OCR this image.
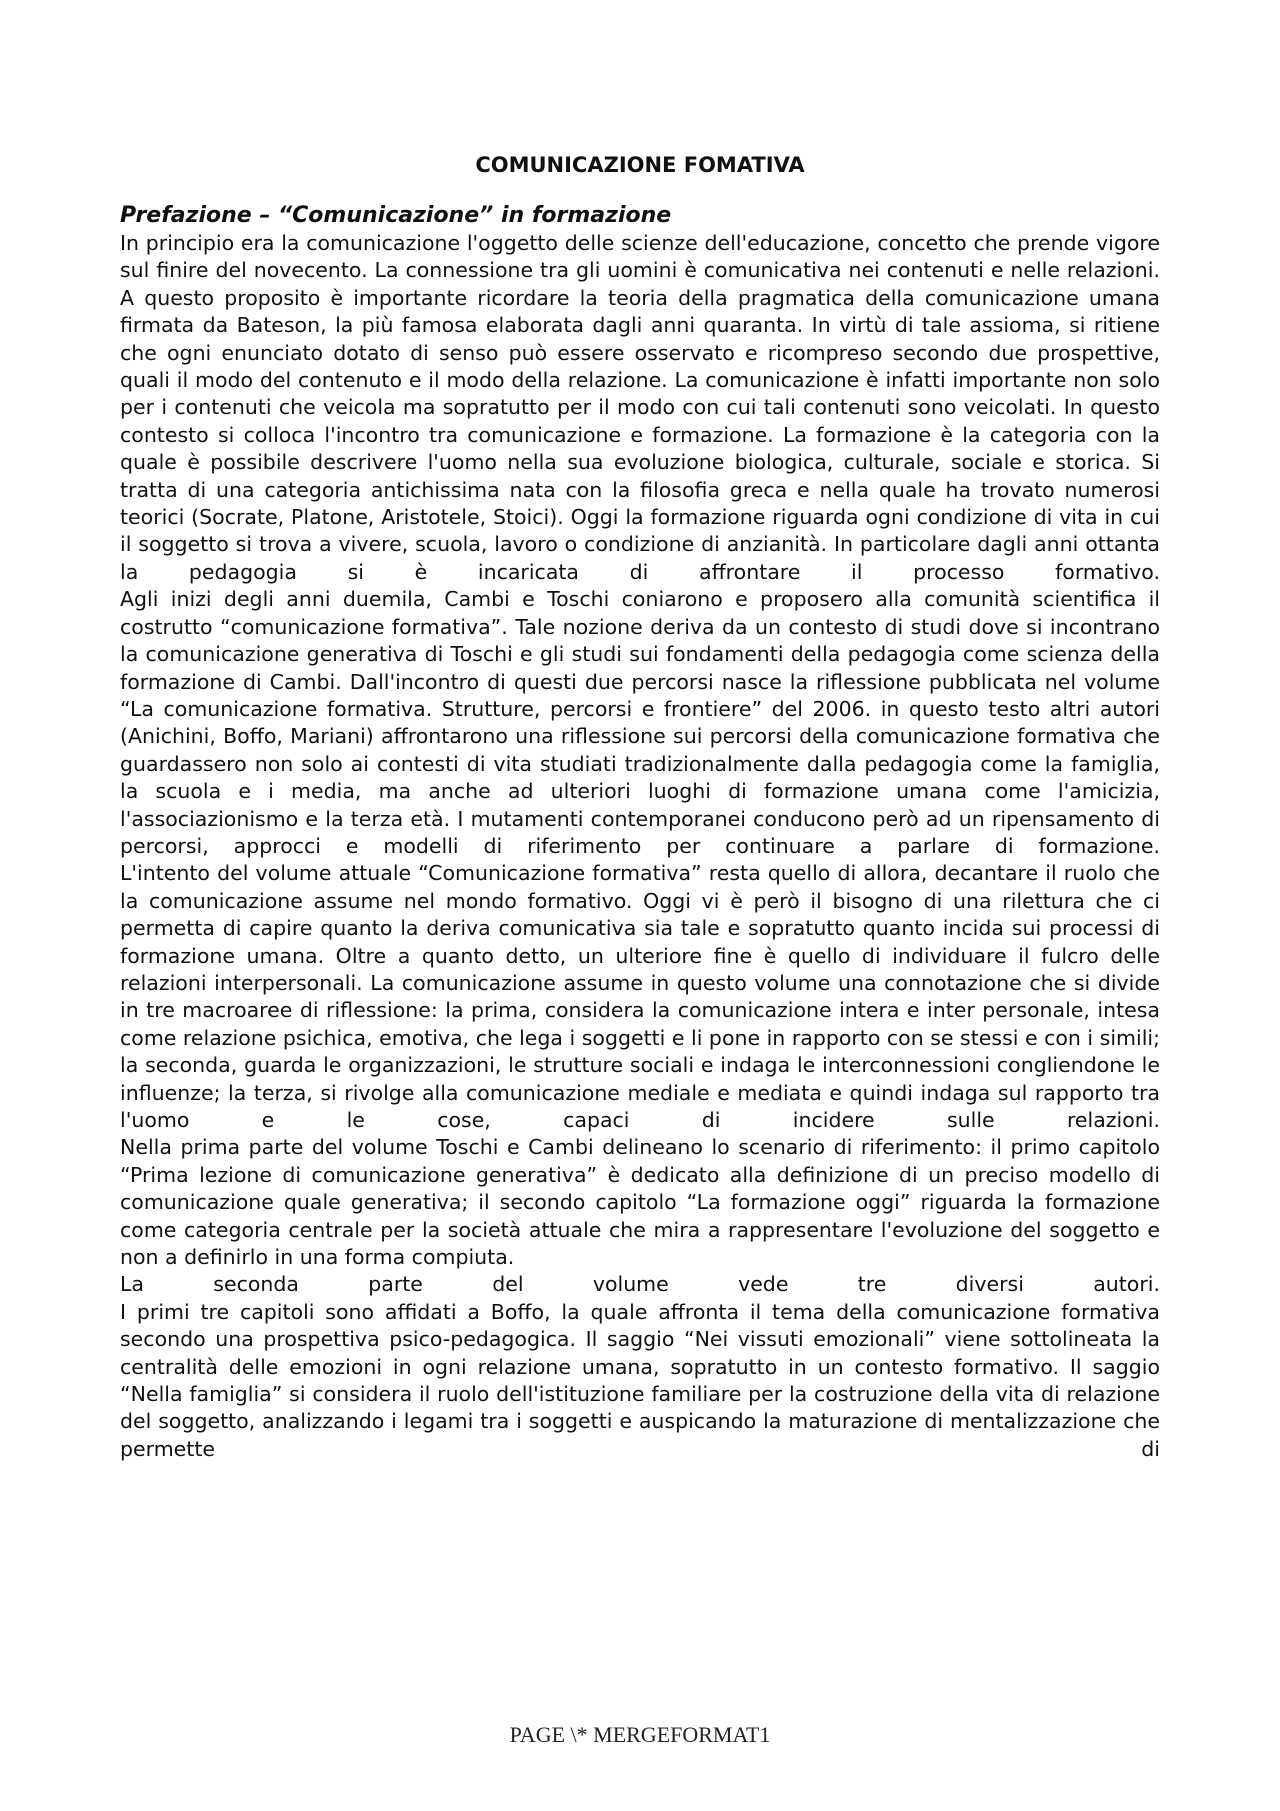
COMUNICAZIONE FOMATIVA

Prefazione – “Comunicazione” in formazione

In principio era la comunicazione l'oggetto delle scienze dell'educazione, concetto che prende vigore sul finire del novecento. La connessione tra gli uomini è comunicativa nei contenuti e nelle relazioni. A questo proposito è importante ricordare la teoria della pragmatica della comunicazione umana firmata da Bateson, la più famosa elaborata dagli anni quaranta. In virtù di tale assioma, si ritiene che ogni enunciato dotato di senso può essere osservato e ricompreso secondo due prospettive, quali il modo del contenuto e il modo della relazione. La comunicazione è infatti importante non solo per i contenuti che veicola ma sopratutto per il modo con cui tali contenuti sono veicolati. In questo contesto si colloca l'incontro tra comunicazione e formazione. La formazione è la categoria con la quale è possibile descrivere l'uomo nella sua evoluzione biologica, culturale, sociale e storica. Si tratta di una categoria antichissima nata con la filosofia greca e nella quale ha trovato numerosi teorici (Socrate, Platone, Aristotele, Stoici). Oggi la formazione riguarda ogni condizione di vita in cui il soggetto si trova a vivere, scuola, lavoro o condizione di anzianità. In particolare dagli anni ottanta la pedagogia si è incaricata di affrontare il processo formativo.

Agli inizi degli anni duemila, Cambi e Toschi coniarono e proposero alla comunità scientifica il costrutto “comunicazione formativa”. Tale nozione deriva da un contesto di studi dove si incontrano la comunicazione generativa di Toschi e gli studi sui fondamenti della pedagogia come scienza della formazione di Cambi. Dall'incontro di questi due percorsi nasce la riflessione pubblicata nel volume “La comunicazione formativa. Strutture, percorsi e frontiere” del 2006. in questo testo altri autori (Anichini, Boffo, Mariani) affrontarono una riflessione sui percorsi della comunicazione formativa che guardassero non solo ai contesti di vita studiati tradizionalmente dalla pedagogia come la famiglia, la scuola e i media, ma anche ad ulteriori luoghi di formazione umana come l'amicizia, l'associazionismo e la terza età. I mutamenti contemporanei conducono però ad un ripensamento di percorsi, approcci e modelli di riferimento per continuare a parlare di formazione.

L'intento del volume attuale “Comunicazione formativa” resta quello di allora, decantare il ruolo che la comunicazione assume nel mondo formativo. Oggi vi è però il bisogno di una rilettura che ci permetta di capire quanto la deriva comunicativa sia tale e sopratutto quanto incida sui processi di formazione umana. Oltre a quanto detto, un ulteriore fine è quello di individuare il fulcro delle relazioni interpersonali. La comunicazione assume in questo volume una connotazione che si divide in tre macroaree di riflessione: la prima, considera la comunicazione intera e inter personale, intesa come relazione psichica, emotiva, che lega i soggetti e li pone in rapporto con se stessi e con i simili; la seconda, guarda le organizzazioni, le strutture sociali e indaga le interconnessioni congliendone le influenze; la terza, si rivolge alla comunicazione mediale e mediata e quindi indaga sul rapporto tra l'uomo e le cose, capaci di incidere sulle relazioni.

Nella prima parte del volume Toschi e Cambi delineano lo scenario di riferimento: il primo capitolo “Prima lezione di comunicazione generativa” è dedicato alla definizione di un preciso modello di comunicazione quale generativa; il secondo capitolo “La formazione oggi” riguarda la formazione come categoria centrale per la società attuale che mira a rappresentare l'evoluzione del soggetto e non a definirlo in una forma compiuta.

La seconda parte del volume vede tre diversi autori.

I primi tre capitoli sono affidati a Boffo, la quale affronta il tema della comunicazione formativa secondo una prospettiva psico-pedagogica. Il saggio “Nei vissuti emozionali” viene sottolineata la centralità delle emozioni in ogni relazione umana, sopratutto in un contesto formativo. Il saggio “Nella famiglia” si considera il ruolo dell'istituzione familiare per la costruzione della vita di relazione del soggetto, analizzando i legami tra i soggetti e auspicando la maturazione di mentalizzazione che permette di

PAGE \* MERGEFORMAT1
